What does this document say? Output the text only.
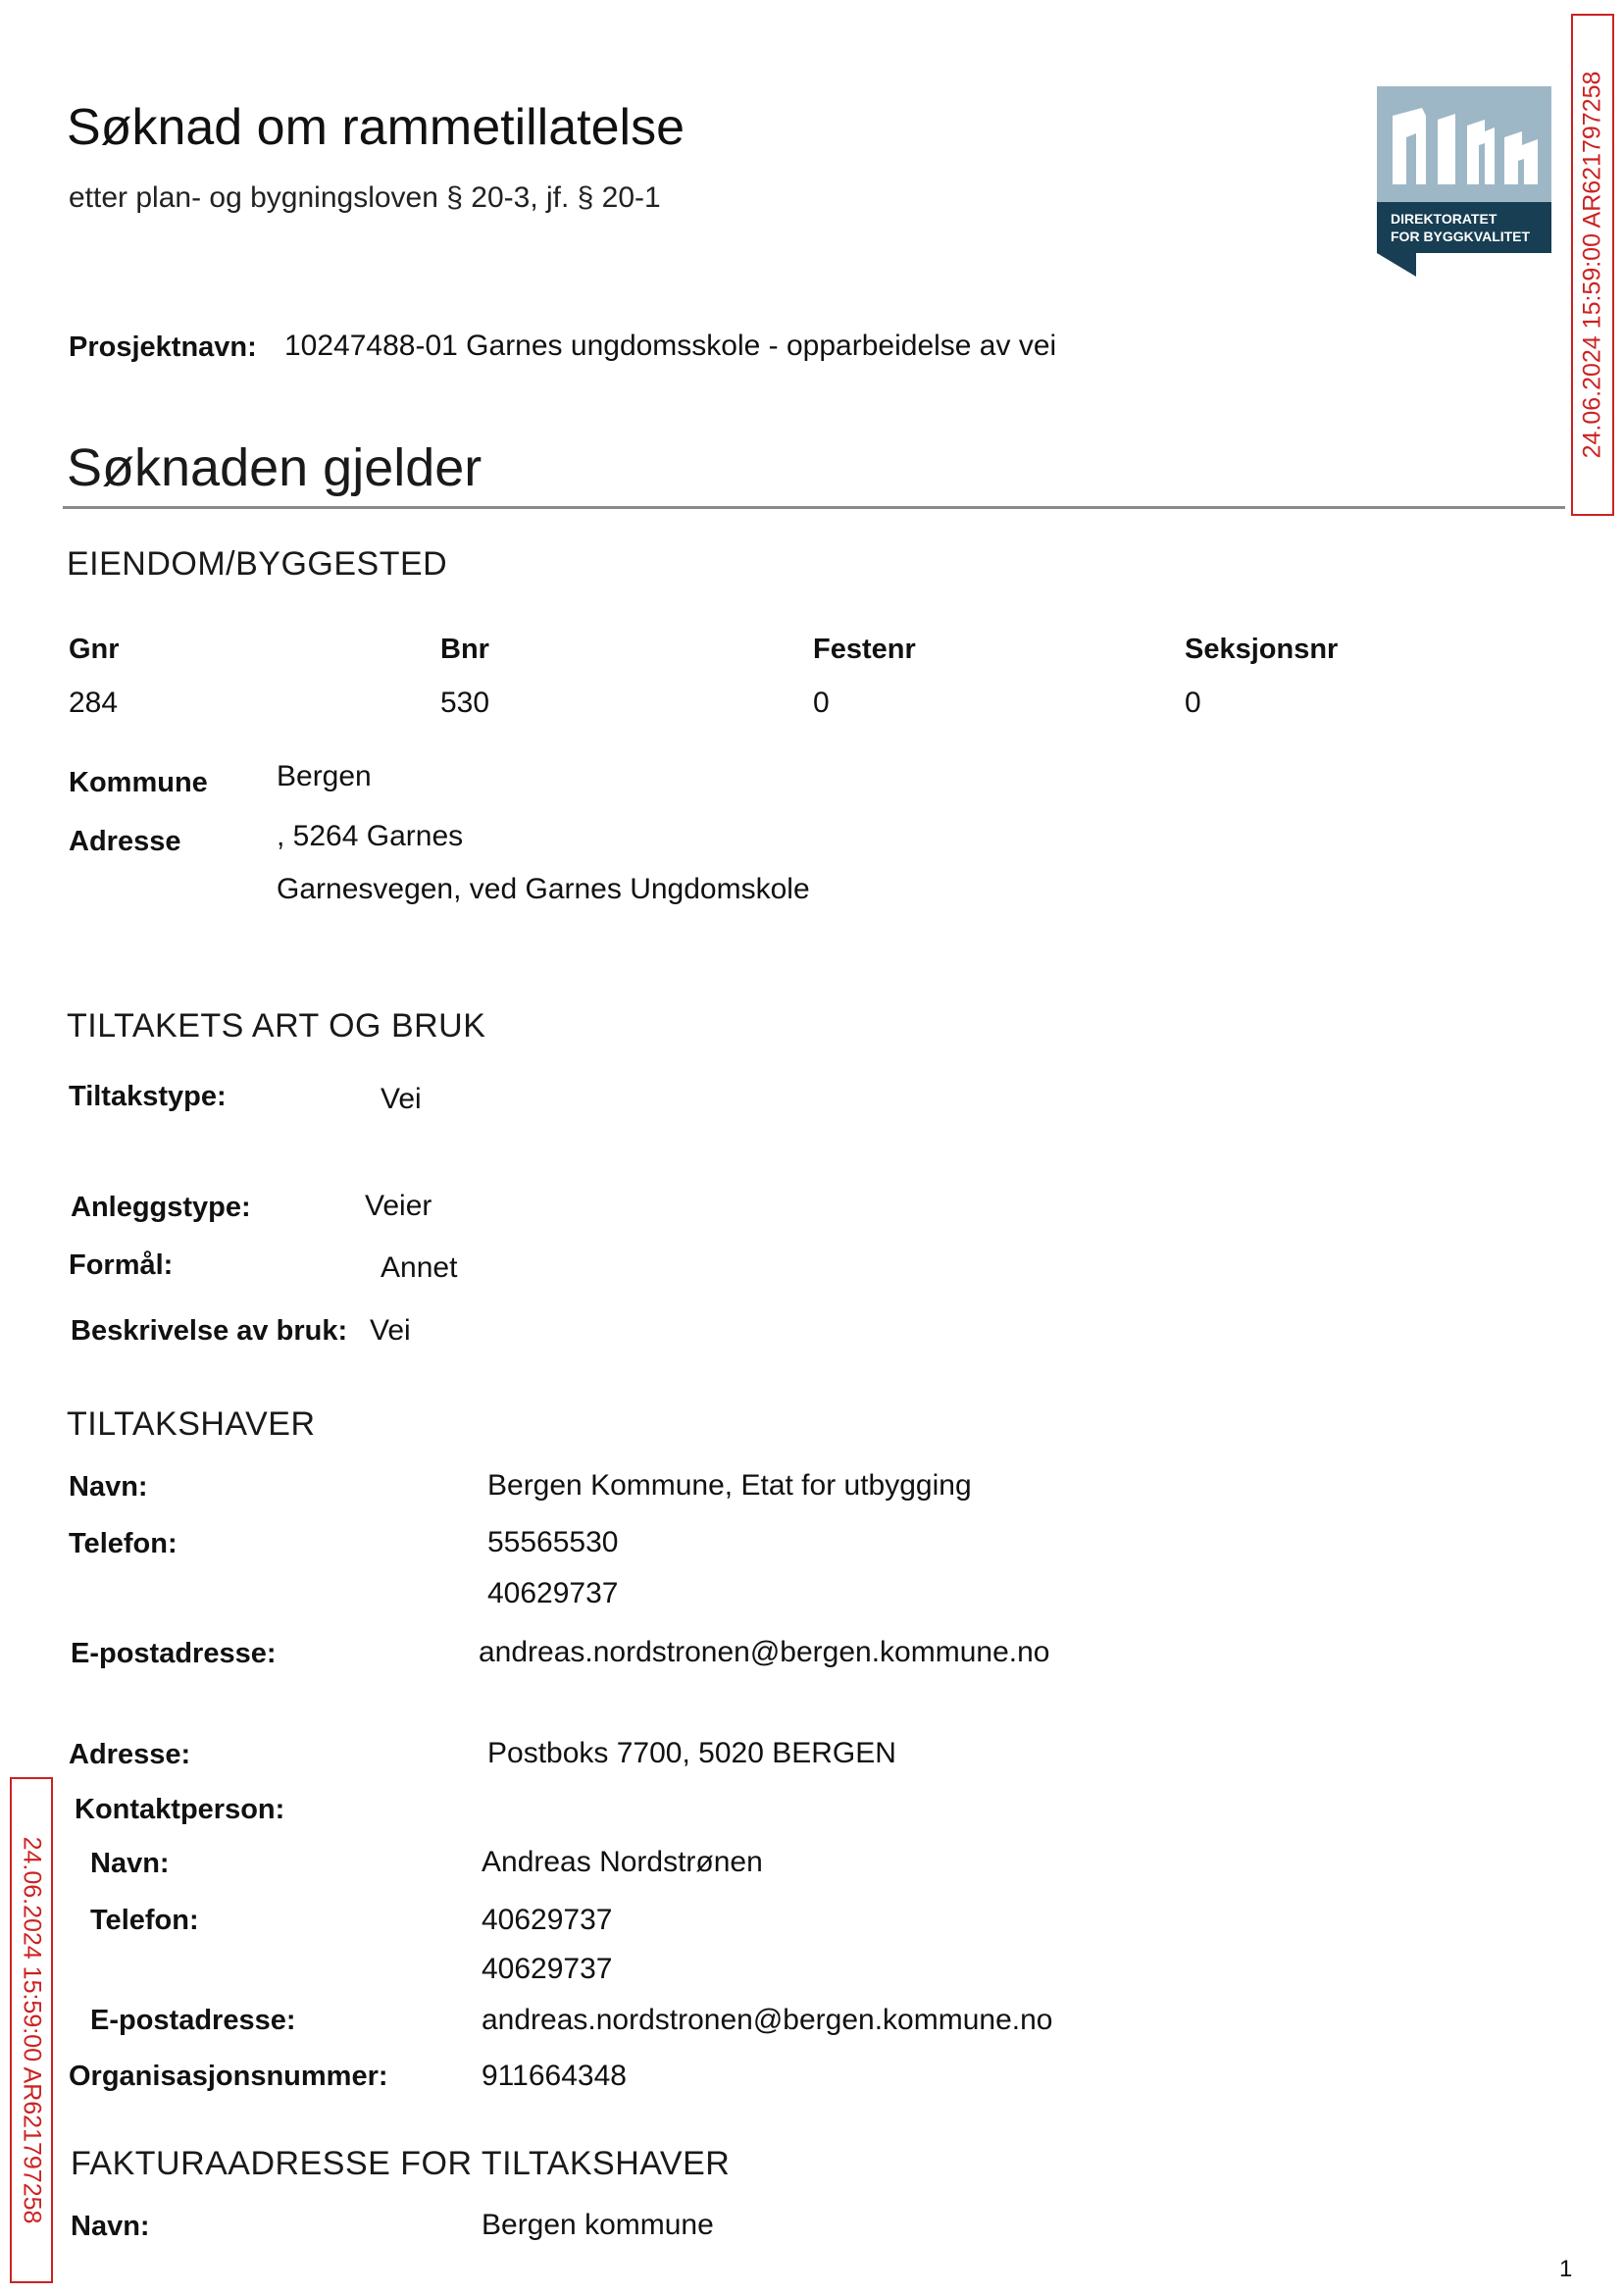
Søknad om rammetillatelse
etter plan- og bygningsloven § 20-3, jf. § 20-1
DIREKTORATET
FOR BYGGKVALITET 24.06.2024 15:59:00 AR621797258
Prosjektnavn: 10247488-01 Garnes ungdomsskole - opparbeidelse av vei
Søknaden gjelder
EIENDOM/BYGGESTED
Gnr	Bnr	Festenr	Seksjonsnr
284	530	0	0
Kommune Bergen
Adresse	, 5264 Garnes
Garnesvegen, ved Garnes Ungdomskole
TILTAKETS ART OG BRUK
Tiltakstype:	Vei
Anleggstype:	Veier
Formål:	Annet
Beskrivelse av bruk: Vei
TILTAKSHAVER
Navn:	Bergen Kommune, Etat for utbygging
Telefon:	55565530
40629737
E-postadresse:	andreas.nordstronen@bergen.kommune.no
Adresse:	Postboks 7700, 5020 BERGEN
Kontaktperson:
Navn:	Andreas Nordstrønen
Telefon:	40629737
40629737
E-postadresse:	andreas.nordstronen@bergen.kommune.no
Organisasjonsnummer:	911664348
FAKTURAADRESSE FOR TILTAKSHAVER
Navn:	Bergen kommune
24.06.2024 15:59:00 AR621797258
1
